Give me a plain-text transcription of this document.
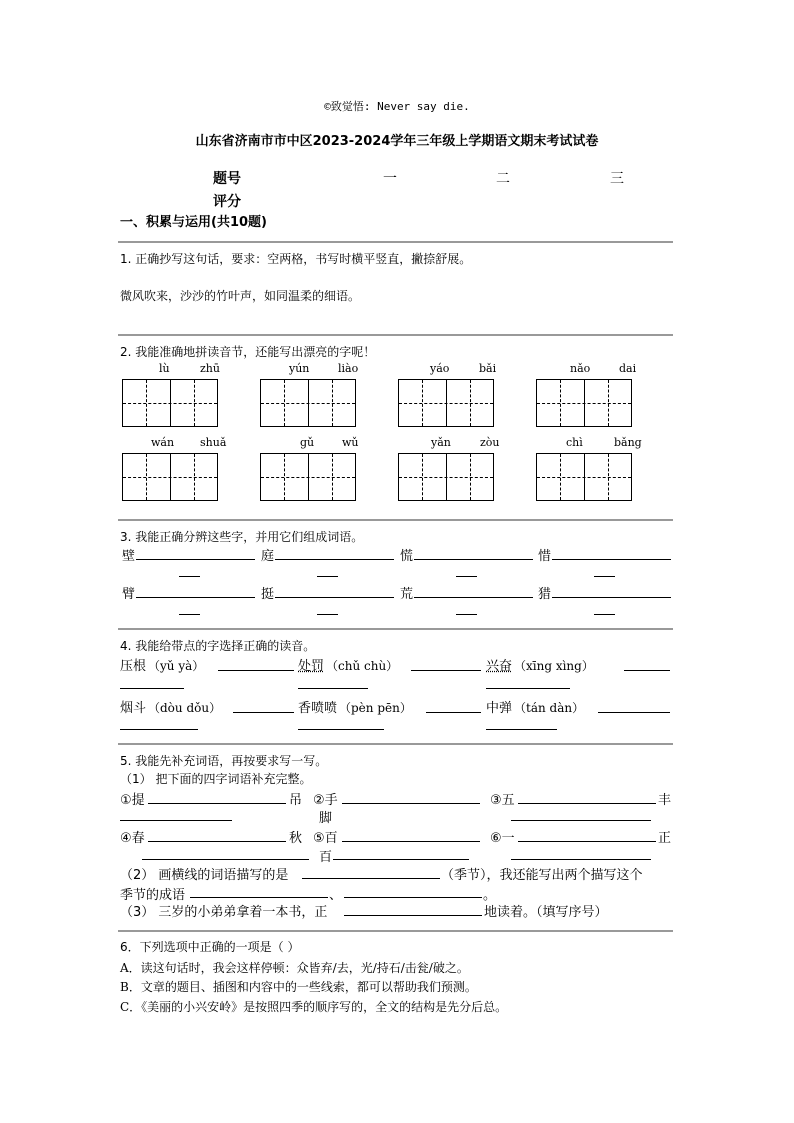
©致觉悟: Never say die.
山东省济南市市中区2023-2024学年三年级上学期语文期末考试试卷
题号	一	二	三
评分
一、积累与运用(共10题)
1. 正确抄写这句话，要求：空两格，书写时横平竖直，撇捺舒展。
微风吹来，沙沙的竹叶声，如同温柔的细语。
2. 我能准确地拼读音节，还能写出漂亮的字呢！
lù	zhū	yún	liào	yáo	bǎi	nǎo	dai
wán shuǎ	gǔ	wǔ	yǎn	zòu	chì	bǎng
3. 我能正确分辨这些字，并用它们组成词语。
壁	庭	慌	惜
臂	挺	荒	猎
4. 我能给带点的字选择正确的读音。
压根 （yǔ yà）	处罚 （chǔ chù）	兴奋 （xīng xìng）
烟斗 （dòu dǒu）	香喷喷 （pèn pēn）	中弹 （tán dàn）
5. 我能先补充词语，再按要求写一写。
（1） 把下面的四字词语补充完整。
①提	吊 ②手
脚
③五	丰
④春	秋 ⑤百
百
⑥一	正
（2） 画横线的词语描写的是	（季节），我还能写出两个描写这个
季节的成语	、	。
（3） 三岁的小弟弟拿着一本书，正	地读着。（填写序号）
6．下列选项中正确的一项是（ ）
A．读这句话时，我会这样停顿：众皆弃/去，光/持石/击瓮/破之。
B．文章的题目、插图和内容中的一些线索，都可以帮助我们预测。
C．《美丽的小兴安岭》是按照四季的顺序写的，全文的结构是先分后总。
